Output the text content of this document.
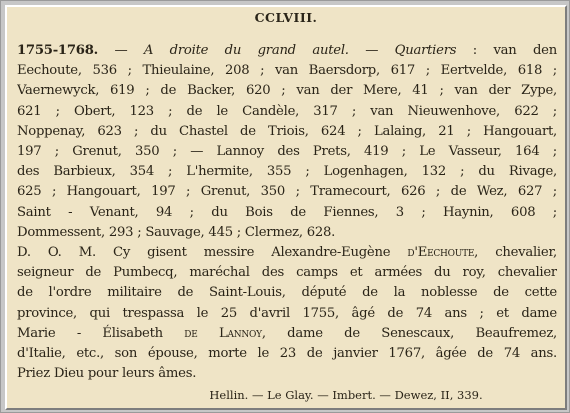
CCLVIII.
1755-1768. — A droite du grand autel. — Quartiers : van den
Eechoute, 536 ; Thieulaine, 208 ; van Baersdorp, 617 ; Eertvelde, 618 ;
Vaernewyck, 619 ; de Backer, 620 ; van der Mere, 41 ; van der Zype,
621 ; Obert, 123 ; de le Candèle, 317 ; van Nieuwenhove, 622 ;
Noppenay, 623 ; du Chastel de Triois, 624 ; Lalaing, 21 ; Hangouart,
197 ; Grenut, 350 ; — Lannoy des Prets, 419 ; Le Vasseur, 164 ;
des Barbieux, 354 ; L'hermite, 355 ; Logenhagen, 132 ; du Rivage,
625 ; Hangouart, 197 ; Grenut, 350 ; Tramecourt, 626 ; de Wez, 627 ;
Saint - Venant, 94 ; du Bois de Fiennes, 3 ; Haynin, 608 ;
Dommessent, 293 ; Sauvage, 445 ; Clermez, 628.
D. O. M. Cy gisent messire Alexandre-Eugène d'Eechoute, chevalier,
seigneur de Pumbecq, maréchal des camps et armées du roy, chevalier
de l'ordre militaire de Saint-Louis, député de la noblesse de cette
province, qui trespassa le 25 d'avril 1755, âgé de 74 ans ; et dame
Marie - Élisabeth de Lannoy, dame de Senescaux, Beaufremez,
d'Italie, etc., son épouse, morte le 23 de janvier 1767, âgée de 74 ans.
Priez Dieu pour leurs âmes.
Hellin. — Le Glay. — Imbert. — Dewez, II, 339.
